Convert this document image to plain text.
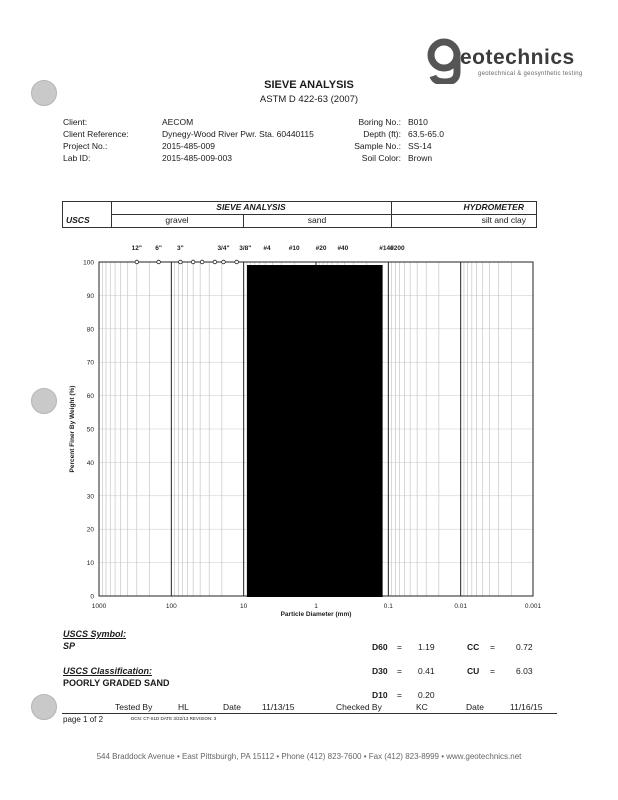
eotechnics
geotechnical & geosynthetic testing
SIEVE ANALYSIS
ASTM D 422-63 (2007)
Client:	AECOM
Client Reference:	Dynegy-Wood River Pwr. Sta. 60440115
Project No.:	2015-485-009
Lab ID:	2015-485-009-003
Boring No.: B010
Depth (ft): 63.5-65.0
Sample No.: SS-14
Soil Color: Brown
USCS
SIEVE ANALYSIS	HYDROMETER
gravel	sand	silt and clay
0
10
20
30
40
50
60
70
80
90
100
1000	100	10	1	0.1	0.01	0.001
12" 6" 3"	3/4" 3/8" #4	#10 #20 #40	#140
#200
Particle Diameter (mm)
Percent Finer By Weight (%)
USCS Symbol:
SP
USCS Classification:
POORLY GRADED SAND
D60 = 1.19
D30 = 0.41
D10 = 0.20
CC = 0.72
CU = 6.03
Tested By	HL	Date 11/13/15	Checked By	KC	Date	11/16/15
page 1 of 2	DCN: CT-S1D DATE 3/22/13 REVISION: 3
544 Braddock Avenue • East Pittsburgh, PA 15112 • Phone (412) 823-7600 • Fax (412) 823-8999 • www.geotechnics.net
